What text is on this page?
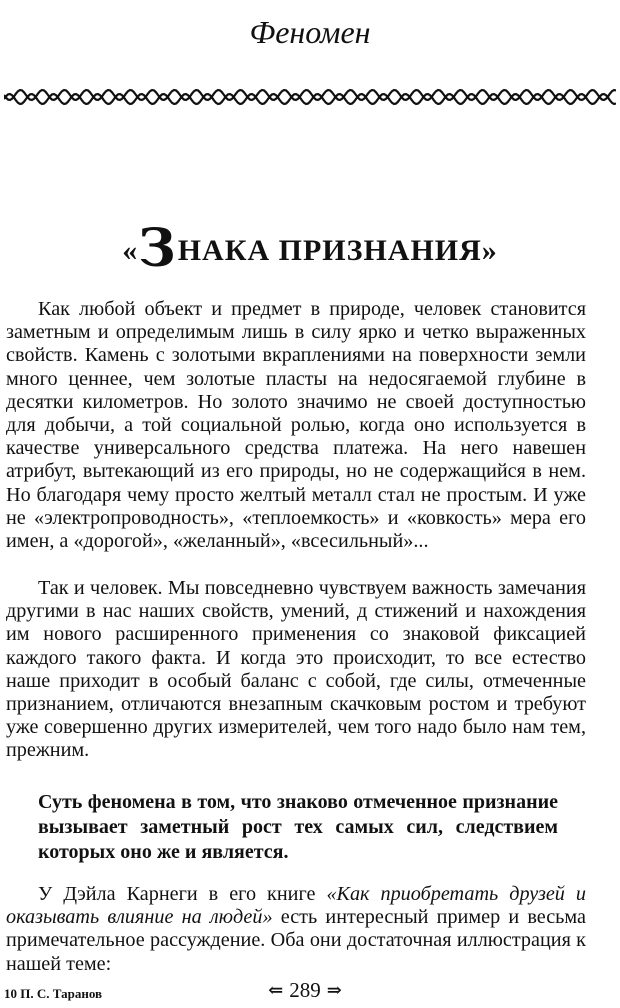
Феномен
«ЗНАКА ПРИЗНАНИЯ»

Как любой объект и предмет в природе, человек становится заметным и определимым лишь в силу ярко и четко выраженных свойств. Камень с золотыми вкраплениями на поверхности земли много ценнее, чем золотые пласты на недосягаемой глубине в десятки километров. Но золото значимо не своей доступностью для добычи, а той социальной ролью, когда оно используется в качестве универсального средства платежа. На него навешен атрибут, вытекающий из его природы, но не содержащийся в нем. Но благодаря чему просто желтый металл стал не простым. И уже не «электропроводность», «теплоемкость» и «ковкость» мера его имен, а «дорогой», «желанный», «всесильный»...

Так и человек. Мы повседневно чувствуем важность замечания другими в нас наших свойств, умений, д стижений и нахождения им нового расширенного применения со знаковой фиксацией каждого такого факта. И когда это происходит, то все естество наше приходит в особый баланс с собой, где силы, отмеченные признанием, отличаются внезапным скачковым ростом и требуют уже совершенно других измерителей, чем того надо было нам тем, прежним.

Суть феномена в том, что знаково отмеченное признание вызывает заметный рост тех самых сил, следствием которых оно же и является.

У Дэйла Карнеги в его книге «Как приобретать друзей и оказывать влияние на людей» есть интересный пример и весьма примечательное рассуждение. Оба они достаточная иллюстрация к нашей теме:

10 П. С. Таранов	⇐ 289 ⇒
